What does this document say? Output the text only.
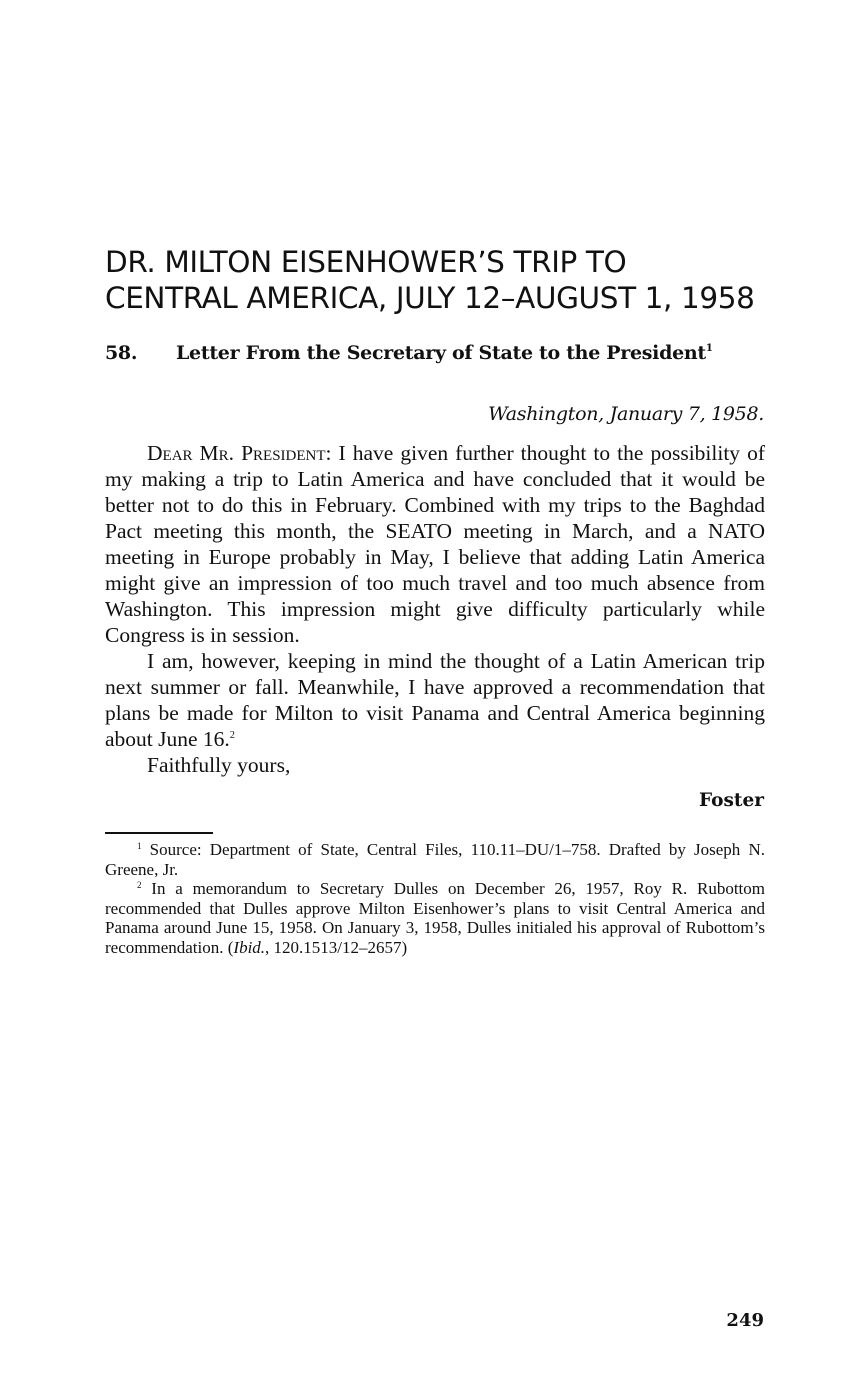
DR. MILTON EISENHOWER’S TRIP TO
CENTRAL AMERICA, JULY 12–AUGUST 1, 1958
58. Letter From the Secretary of State to the President$^1$
Washington, January 7, 1958.

Dear Mr. President: I have given further thought to the possibility of my making a trip to Latin America and have concluded that it would be better not to do this in February. Combined with my trips to the Baghdad Pact meeting this month, the SEATO meeting in March, and a NATO meeting in Europe probably in May, I believe that adding Latin America might give an impression of too much travel and too much absence from Washington. This impression might give difficulty particularly while Congress is in session.

I am, however, keeping in mind the thought of a Latin American trip next summer or fall. Meanwhile, I have approved a recommendation that plans be made for Milton to visit Panama and Central America beginning about June 16.$^2$

Faithfully yours,
Foster

$^1$ Source: Department of State, Central Files, 110.11–DU/1–758. Drafted by Joseph N. Greene, Jr.

$^2$ In a memorandum to Secretary Dulles on December 26, 1957, Roy R. Rubottom recommended that Dulles approve Milton Eisenhower’s plans to visit Central America and Panama around June 15, 1958. On January 3, 1958, Dulles initialed his approval of Rubottom’s recommendation. (Ibid., 120.1513/12–2657)

249
